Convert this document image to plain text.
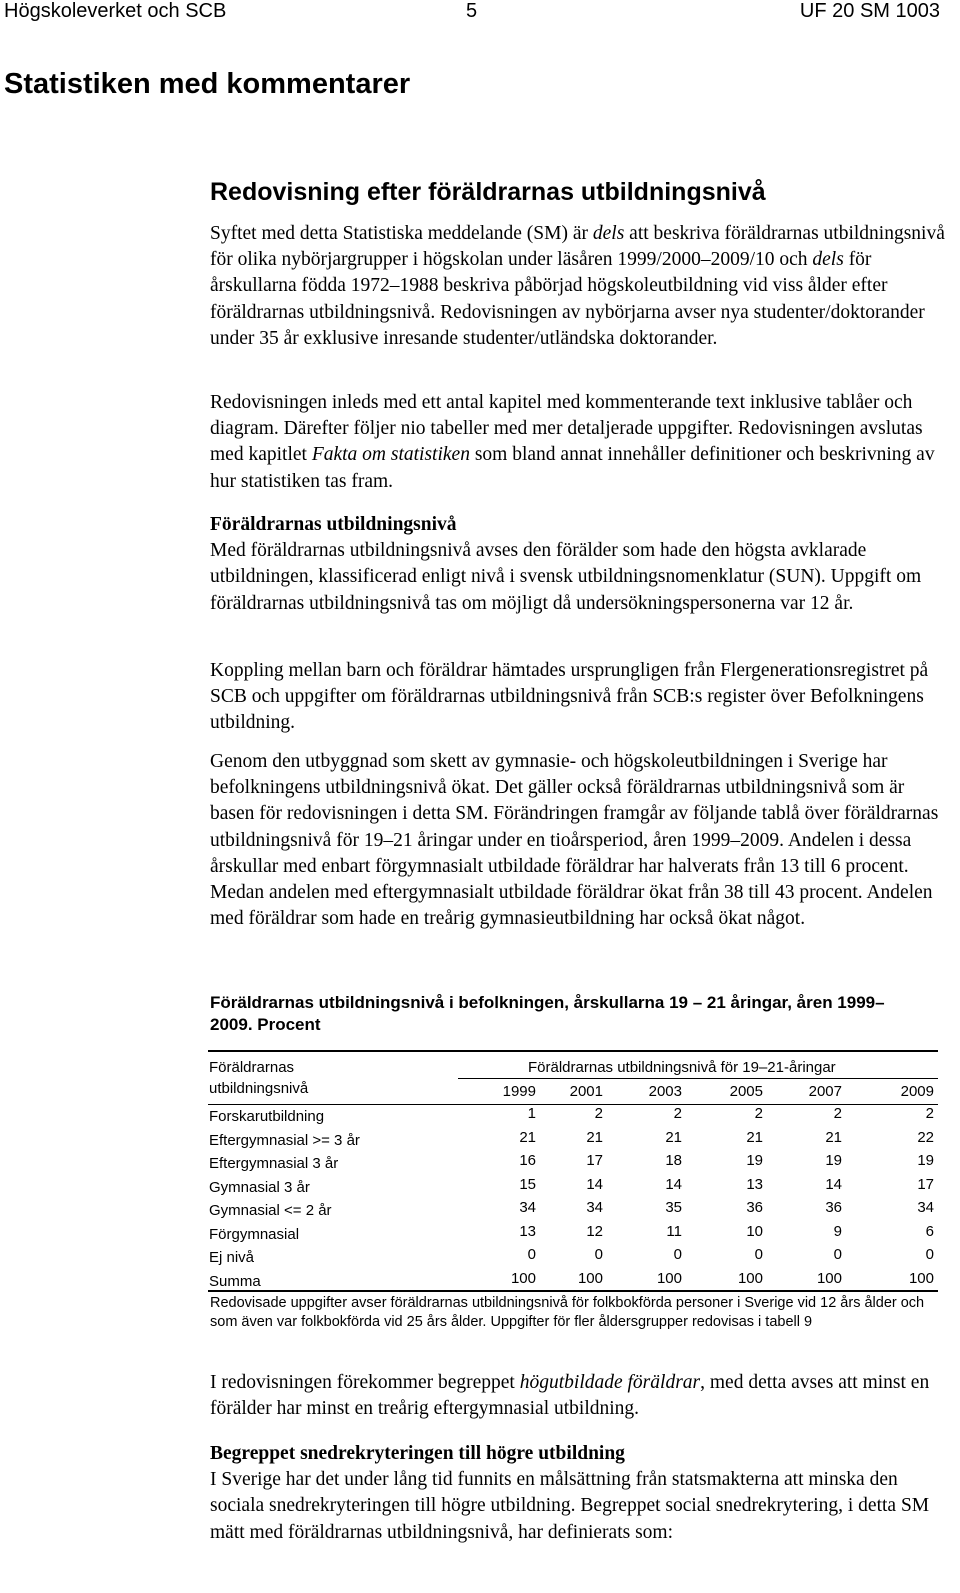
Högskoleverket och SCB	5	UF 20 SM 1003
Statistiken med kommentarer
Redovisning efter föräldrarnas utbildningsnivå

Syftet med detta Statistiska meddelande (SM) är dels att beskriva föräldrarnas utbildningsnivå för olika nybörjargrupper i högskolan under läsåren 1999/2000–2009/10 och dels för årskullarna födda 1972–1988 beskriva påbörjad högskoleutbildning vid viss ålder efter föräldrarnas utbildningsnivå. Redovisningen av nybörjarna avser nya studenter/doktorander under 35 år exklusive inresande studenter/utländska doktorander.

Redovisningen inleds med ett antal kapitel med kommenterande text inklusive tablåer och diagram. Därefter följer nio tabeller med mer detaljerade uppgifter. Redovisningen avslutas med kapitlet Fakta om statistiken som bland annat innehåller definitioner och beskrivning av hur statistiken tas fram.

Föräldrarnas utbildningsnivå
Med föräldrarnas utbildningsnivå avses den förälder som hade den högsta avklarade utbildningen, klassificerad enligt nivå i svensk utbildningsnomenklatur (SUN). Uppgift om föräldrarnas utbildningsnivå tas om möjligt då undersökningspersonerna var 12 år.

Koppling mellan barn och föräldrar hämtades ursprungligen från Flergenerationsregistret på SCB och uppgifter om föräldrarnas utbildningsnivå från SCB:s register över Befolkningens utbildning.

Genom den utbyggnad som skett av gymnasie- och högskoleutbildningen i Sverige har befolkningens utbildningsnivå ökat. Det gäller också föräldrarnas utbildningsnivå som är basen för redovisningen i detta SM. Förändringen framgår av följande tablå över föräldrarnas utbildningsnivå för 19–21 åringar under en tioårsperiod, åren 1999–2009. Andelen i dessa årskullar med enbart förgymnasialt utbildade föräldrar har halverats från 13 till 6 procent. Medan andelen med eftergymnasialt utbildade föräldrar ökat från 38 till 43 procent. Andelen med föräldrar som hade en treårig gymnasieutbildning har också ökat något.

Föräldrarnas utbildningsnivå i befolkningen, årskullarna 19 – 21 åringar, åren 1999–2009. Procent

Föräldrarnas
utbildningsnivå
Föräldrarnas utbildningsnivå för 19–21-åringar
1999	2001	2003	2005	2007	2009
Forskarutbildning	1	2	2	2	2	2
Eftergymnasial >= 3 år	21	21	21	21	21	22
Eftergymnasial 3 år	16	17	18	19	19	19
Gymnasial 3 år	15	14	14	13	14	17
Gymnasial <= 2 år	34	34	35	36	36	34
Förgymnasial	13	12	11	10	9	6
Ej nivå	0	0	0	0	0	0
Summa	100	100	100	100	100	100

Redovisade uppgifter avser föräldrarnas utbildningsnivå för folkbokförda personer i Sverige vid 12 års ålder och som även var folkbokförda vid 25 års ålder. Uppgifter för fler åldersgrupper redovisas i tabell 9

I redovisningen förekommer begreppet högutbildade föräldrar, med detta avses att minst en förälder har minst en treårig eftergymnasial utbildning.

Begreppet snedrekryteringen till högre utbildning
I Sverige har det under lång tid funnits en målsättning från statsmakterna att minska den sociala snedrekryteringen till högre utbildning. Begreppet social snedrekrytering, i detta SM mätt med föräldrarnas utbildningsnivå, har definierats som:
